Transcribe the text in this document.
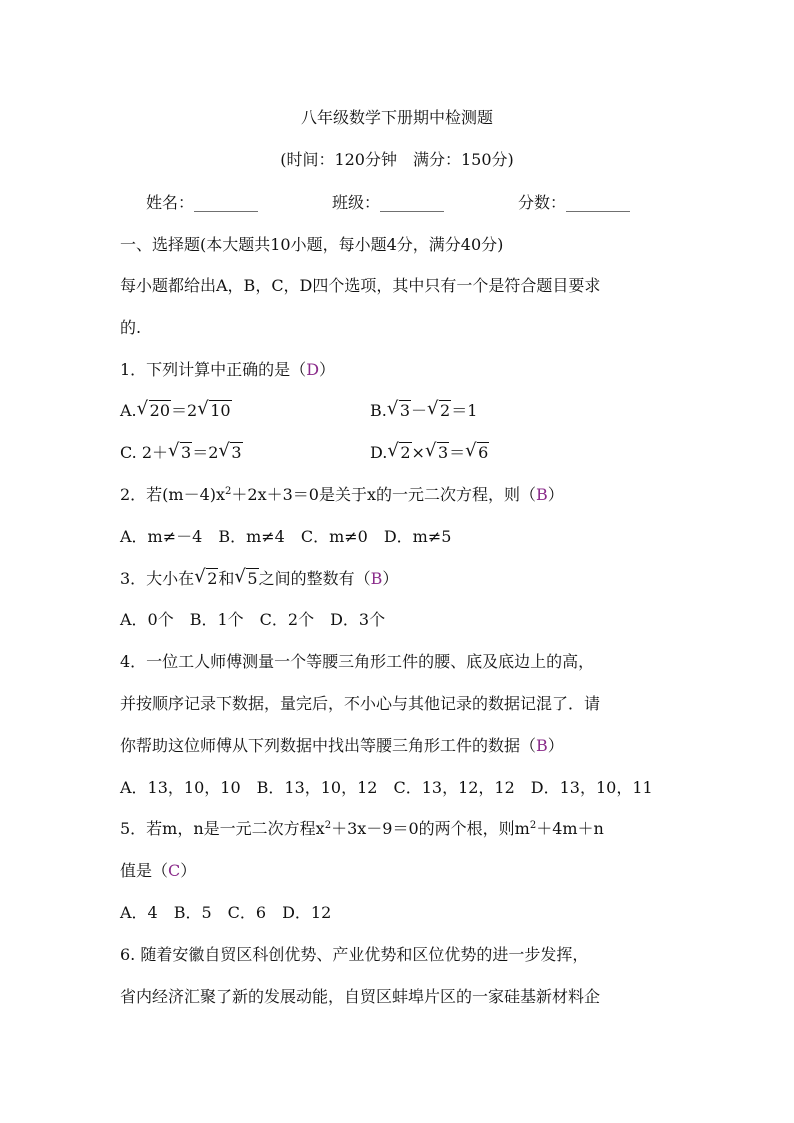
八年级数学下册期中检测题
(时间：120分钟　满分：150分)
姓名：________	班级：________	分数：________
一、选择题(本大题共10小题，每小题4分，满分40分)
每小题都给出A，B，C，D四个选项，其中只有一个是符合题目要求
的.
1．下列计算中正确的是（D）
A. √ 20＝2 √ 10	B. √ 3－ √ 2＝1
C. 2＋ √ 3＝2 √ 3	D. √ 2× √ 3＝ √ 6
2．若$(m-4)x^2+2x+3=0$是关于x的一元二次方程，则（B）
A．m≠－4　B．m≠4　C．m≠0　D．m≠5
3．大小在 √ 2和 √ 5之间的整数有（B）
A．0个　B．1个　C．2个　D．3个
4．一位工人师傅测量一个等腰三角形工件的腰、底及底边上的高，
并按顺序记录下数据，量完后，不小心与其他记录的数据记混了．请
你帮助这位师傅从下列数据中找出等腰三角形工件的数据（B）
A．13，10，10　B．13，10，12　C．13，12，12　D．13，10，11
5．若m，n是一元二次方程$x^2+3x-9=0$的两个根，则$m^2+4m+n$
值是（C）
A．4　B．5　C．6　D．12
6. 随着安徽自贸区科创优势、产业优势和区位优势的进一步发挥，
省内经济汇聚了新的发展动能，自贸区蚌埠片区的一家硅基新材料企
